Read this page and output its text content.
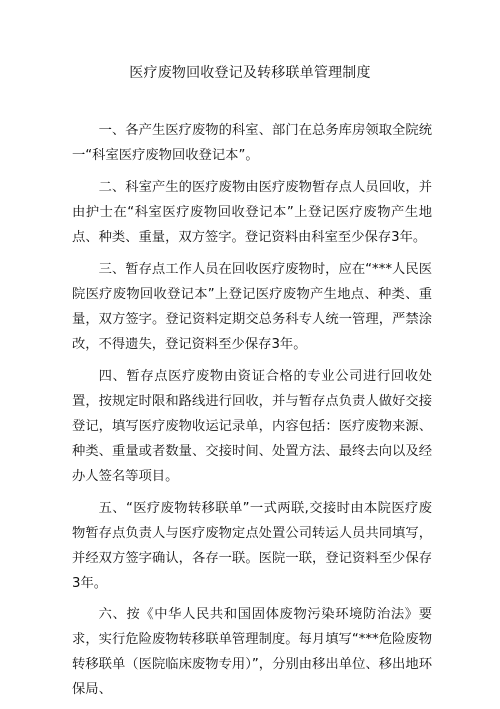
医疗废物回收登记及转移联单管理制度

一、各产生医疗废物的科室、部门在总务库房领取全院统一“科室医疗废物回收登记本”。

二、科室产生的医疗废物由医疗废物暂存点人员回收，并由护士在“科室医疗废物回收登记本”上登记医疗废物产生地点、种类、重量，双方签字。登记资料由科室至少保存3年。

三、暂存点工作人员在回收医疗废物时，应在“***人民医院医疗废物回收登记本”上登记医疗废物产生地点、种类、重量，双方签字。登记资料定期交总务科专人统一管理，严禁涂改，不得遗失，登记资料至少保存3年。

四、暂存点医疗废物由资证合格的专业公司进行回收处置，按规定时限和路线进行回收，并与暂存点负责人做好交接登记，填写医疗废物收运记录单，内容包括：医疗废物来源、种类、重量或者数量、交接时间、处置方法、最终去向以及经办人签名等项目。

五、“医疗废物转移联单”一式两联,交接时由本院医疗废物暂存点负责人与医疗废物定点处置公司转运人员共同填写，并经双方签字确认，各存一联。医院一联，登记资料至少保存3年。

六、按《中华人民共和国固体废物污染环境防治法》要求，实行危险废物转移联单管理制度。每月填写“***危险废物转移联单（医院临床废物专用）”，分别由移出单位、移出地环保局、
